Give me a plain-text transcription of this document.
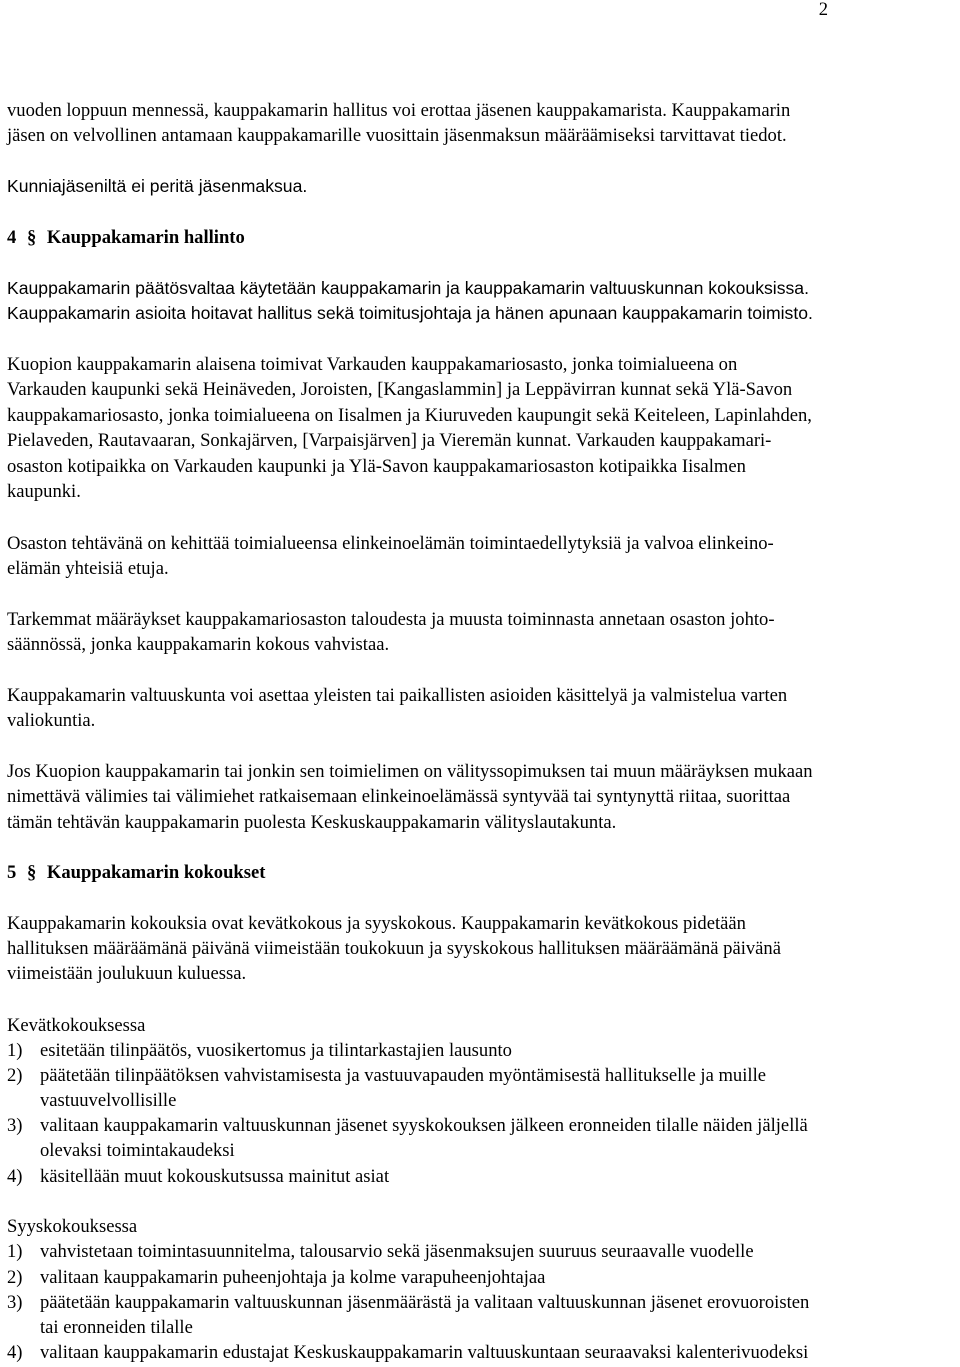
2
vuoden loppuun mennessä, kauppakamarin hallitus voi erottaa jäsenen kauppakamarista. Kauppakamarin
jäsen on velvollinen antamaan kauppakamarille vuosittain jäsenmaksun määräämiseksi tarvittavat tiedot.
Kunniajäseniltä ei peritä jäsenmaksua.
4 § Kauppakamarin hallinto
Kauppakamarin päätösvaltaa käytetään kauppakamarin ja kauppakamarin valtuuskunnan kokouksissa.
Kauppakamarin asioita hoitavat hallitus sekä toimitusjohtaja ja hänen apunaan kauppakamarin toimisto.
Kuopion kauppakamarin alaisena toimivat Varkauden kauppakamariosasto, jonka toimialueena on
Varkauden kaupunki sekä Heinäveden, Joroisten, [Kangaslammin] ja Leppävirran kunnat sekä Ylä-Savon
kauppakamariosasto, jonka toimialueena on Iisalmen ja Kiuruveden kaupungit sekä Keiteleen, Lapinlahden,
Pielaveden, Rautavaaran, Sonkajärven, [Varpaisjärven] ja Vieremän kunnat. Varkauden kauppakamari-
osaston kotipaikka on Varkauden kaupunki ja Ylä-Savon kauppakamariosaston kotipaikka Iisalmen
kaupunki.
Osaston tehtävänä on kehittää toimialueensa elinkeinoelämän toimintaedellytyksiä ja valvoa elinkeino-
elämän yhteisiä etuja.
Tarkemmat määräykset kauppakamariosaston taloudesta ja muusta toiminnasta annetaan osaston johto-
säännössä, jonka kauppakamarin kokous vahvistaa.
Kauppakamarin valtuuskunta voi asettaa yleisten tai paikallisten asioiden käsittelyä ja valmistelua varten
valiokuntia.
Jos Kuopion kauppakamarin tai jonkin sen toimielimen on välityssopimuksen tai muun määräyksen mukaan
nimettävä välimies tai välimiehet ratkaisemaan elinkeinoelämässä syntyvää tai syntynyttä riitaa, suorittaa
tämän tehtävän kauppakamarin puolesta Keskuskauppakamarin välityslautakunta.
5 § Kauppakamarin kokoukset
Kauppakamarin kokouksia ovat kevätkokous ja syyskokous. Kauppakamarin kevätkokous pidetään
hallituksen määräämänä päivänä viimeistään toukokuun ja syyskokous hallituksen määräämänä päivänä
viimeistään joulukuun kuluessa.
Kevätkokouksessa
1) esitetään tilinpäätös, vuosikertomus ja tilintarkastajien lausunto
2) päätetään tilinpäätöksen vahvistamisesta ja vastuuvapauden myöntämisestä hallitukselle ja muille
vastuuvelvollisille
3) valitaan kauppakamarin valtuuskunnan jäsenet syyskokouksen jälkeen eronneiden tilalle näiden jäljellä
olevaksi toimintakaudeksi
4) käsitellään muut kokouskutsussa mainitut asiat
Syyskokouksessa
1) vahvistetaan toimintasuunnitelma, talousarvio sekä jäsenmaksujen suuruus seuraavalle vuodelle
2) valitaan kauppakamarin puheenjohtaja ja kolme varapuheenjohtajaa
3) päätetään kauppakamarin valtuuskunnan jäsenmäärästä ja valitaan valtuuskunnan jäsenet erovuoroisten
tai eronneiden tilalle
4) valitaan kauppakamarin edustajat Keskuskauppakamarin valtuuskuntaan seuraavaksi kalenterivuodeksi
